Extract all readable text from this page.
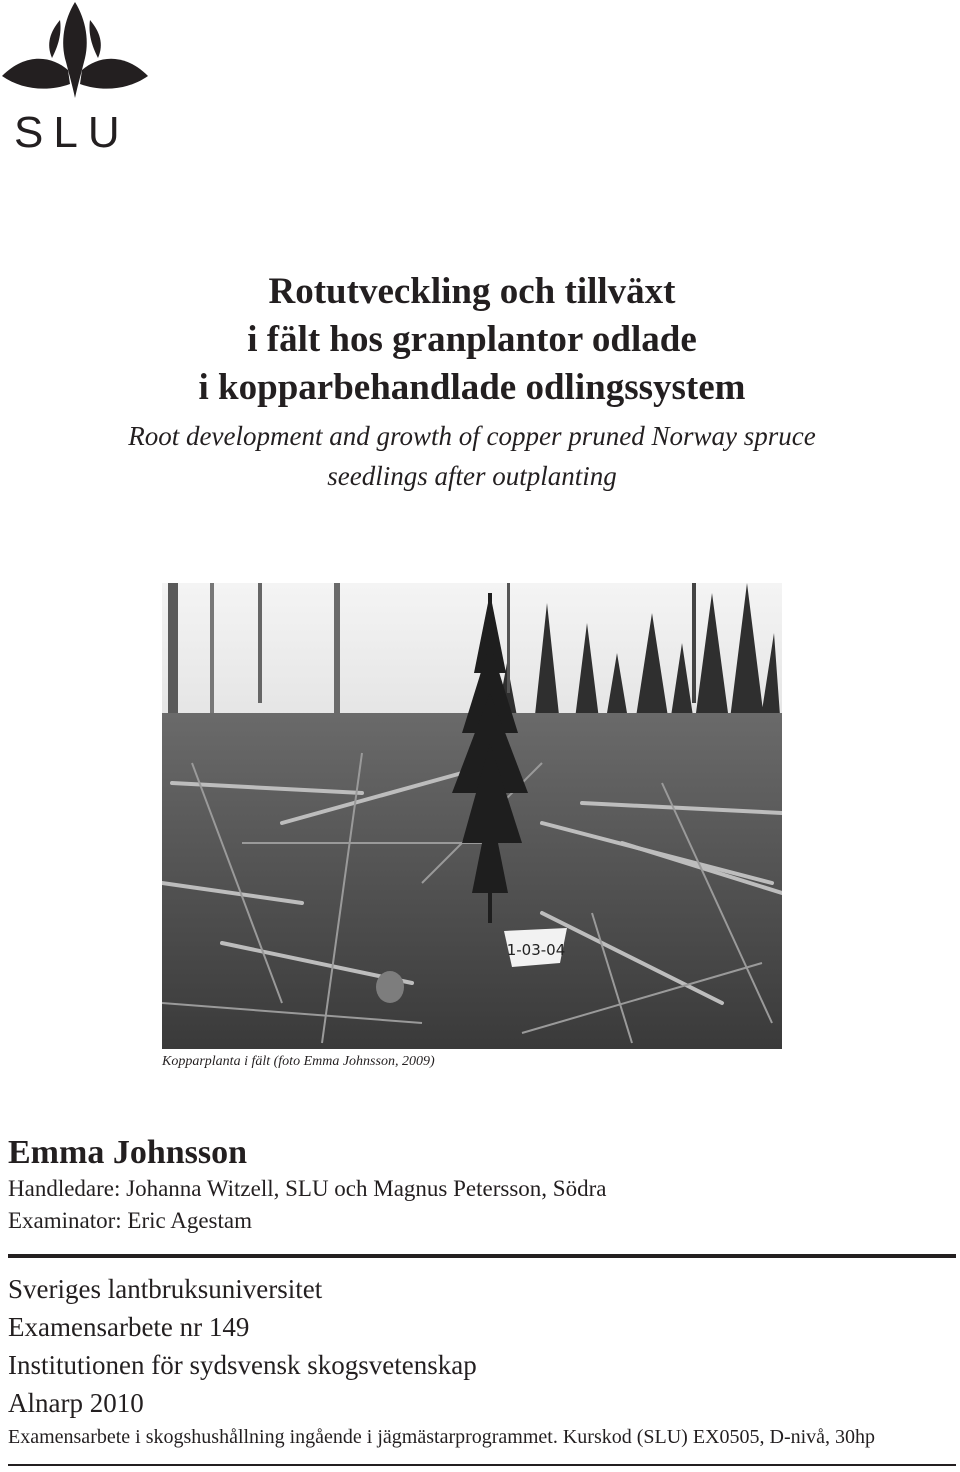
SLU

Rotutveckling och tillväxt

i fält hos granplantor odlade

i kopparbehandlade odlingssystem

Root development and growth of copper pruned Norway spruce
seedlings after outplanting
1-03-04
Kopparplanta i fält (foto Emma Johnsson, 2009)

Emma Johnsson

Handledare: Johanna Witzell, SLU och Magnus Petersson, Södra
Examinator: Eric Agestam
Sveriges lantbruksuniversitet
Examensarbete nr 149
Institutionen för sydsvensk skogsvetenskap
Alnarp 2010
Examensarbete i skogshushållning ingående i jägmästarprogrammet. Kurskod (SLU) EX0505, D-nivå, 30hp
